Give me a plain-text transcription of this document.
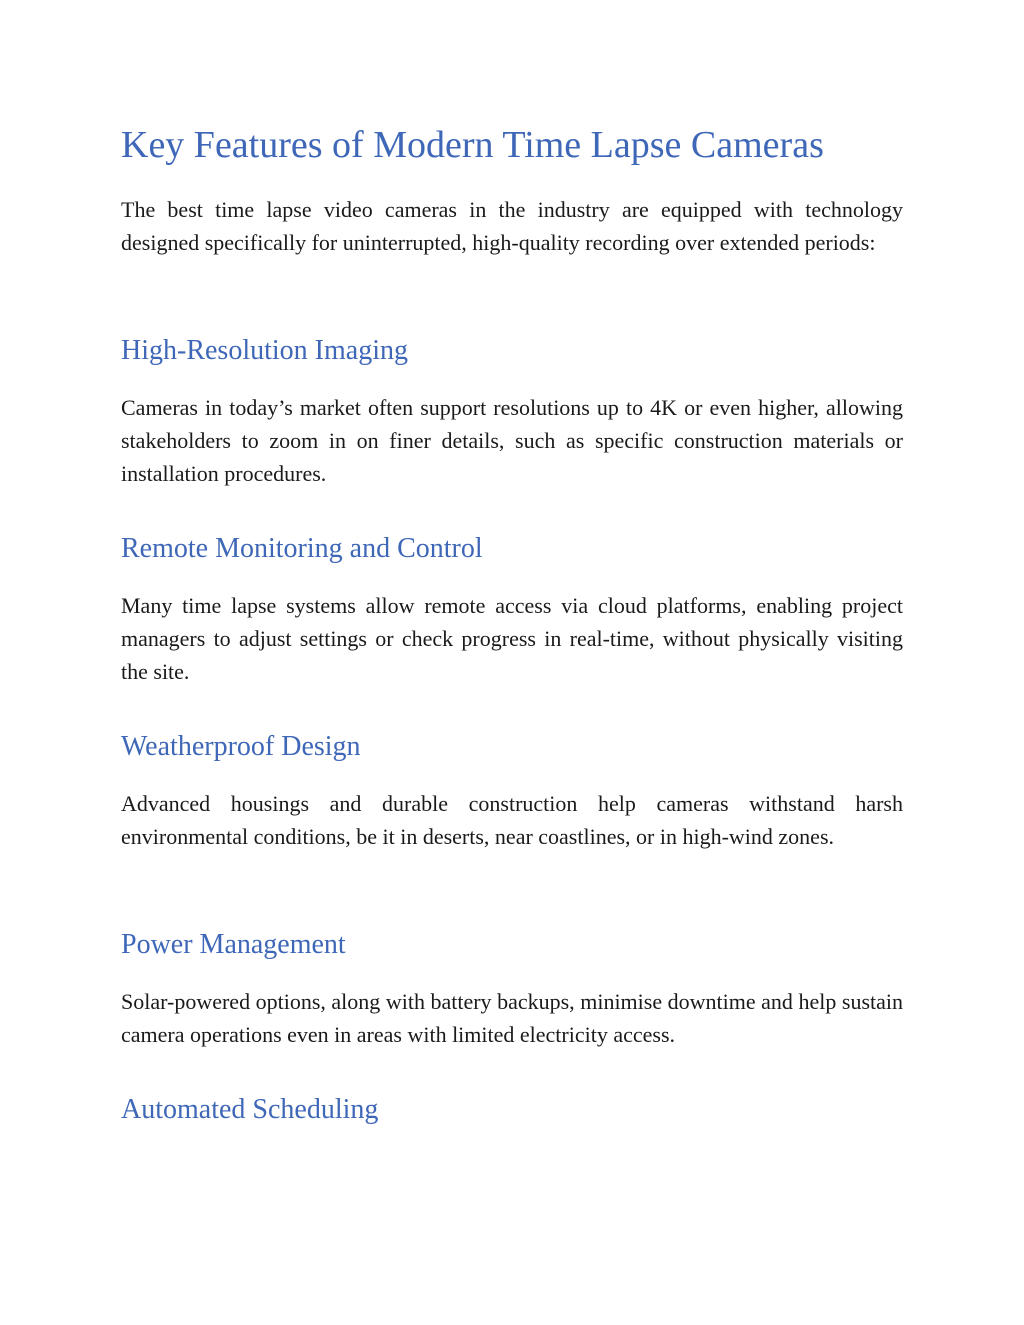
Key Features of Modern Time Lapse Cameras

The best time lapse video cameras in the industry are equipped with technology designed specifically for uninterrupted, high-quality recording over extended periods:

High-Resolution Imaging

Cameras in today’s market often support resolutions up to 4K or even higher, allowing stakeholders to zoom in on finer details, such as specific construction materials or installation procedures.

Remote Monitoring and Control

Many time lapse systems allow remote access via cloud platforms, enabling project managers to adjust settings or check progress in real-time, without physically visiting the site.

Weatherproof Design

Advanced housings and durable construction help cameras withstand harsh environmental conditions, be it in deserts, near coastlines, or in high-wind zones.

Power Management

Solar-powered options, along with battery backups, minimise downtime and help sustain camera operations even in areas with limited electricity access.

Automated Scheduling
